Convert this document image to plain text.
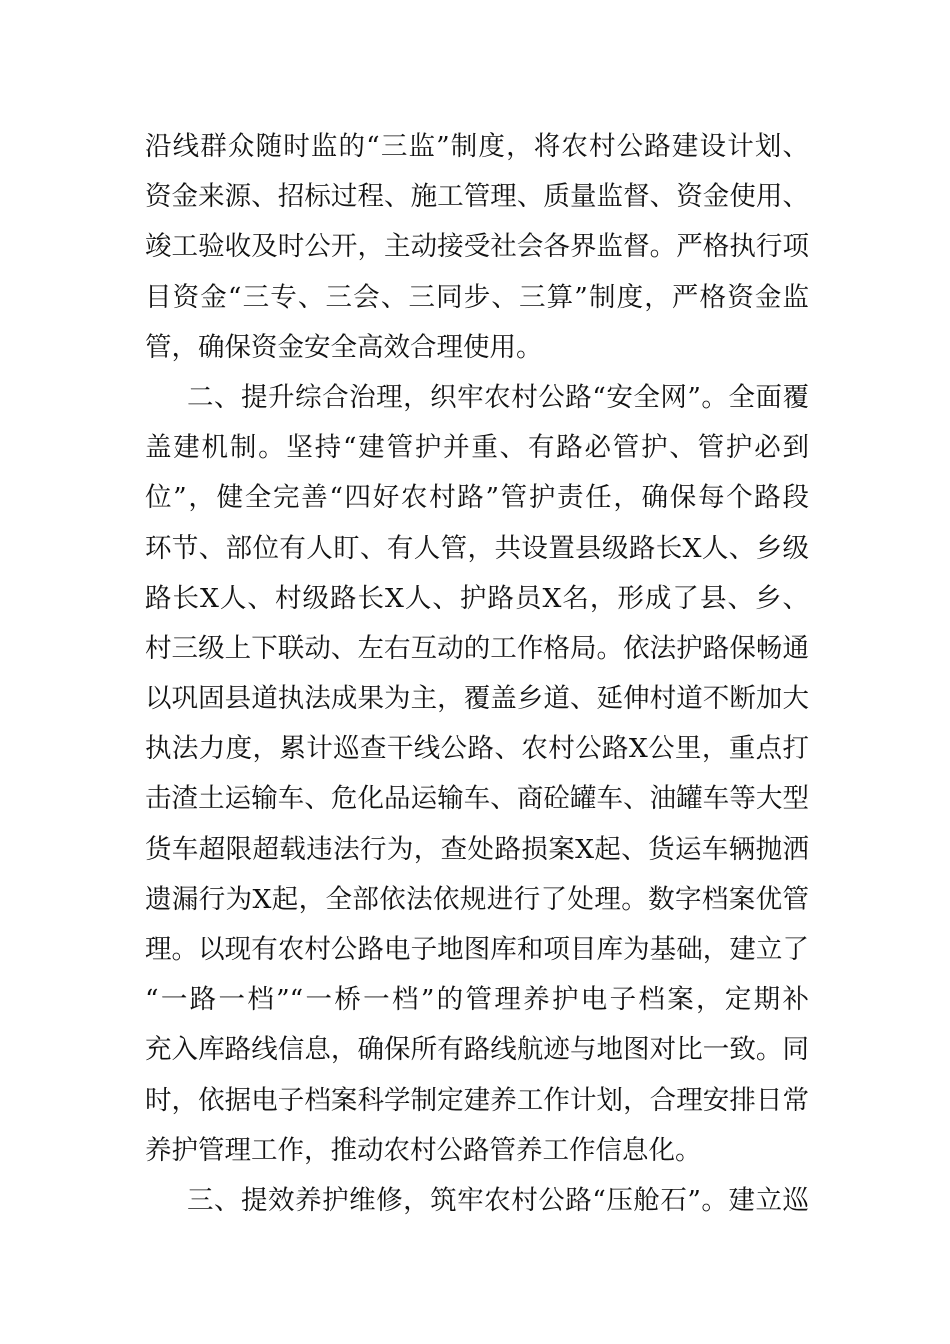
沿线群众随时监的“三监”制度，将农村公路建设计划、
资金来源、招标过程、施工管理、质量监督、资金使用、
竣工验收及时公开，主动接受社会各界监督。严格执行项
目资金“三专、三会、三同步、三算”制度，严格资金监
管，确保资金安全高效合理使用。
二、提升综合治理，织牢农村公路“安全网”。全面覆
盖建机制。坚持“建管护并重、有路必管护、管护必到
位”，健全完善“四好农村路”管护责任，确保每个路段
环节、部位有人盯、有人管，共设置县级路长X人、乡级
路长X人、村级路长X人、护路员X名，形成了县、乡、
村三级上下联动、左右互动的工作格局。依法护路保畅通
以巩固县道执法成果为主，覆盖乡道、延伸村道不断加大
执法力度，累计巡查干线公路、农村公路X公里，重点打
击渣土运输车、危化品运输车、商砼罐车、油罐车等大型
货车超限超载违法行为，查处路损案X起、货运车辆抛洒
遗漏行为X起，全部依法依规进行了处理。数字档案优管
理。以现有农村公路电子地图库和项目库为基础，建立了
“一路一档”“一桥一档”的管理养护电子档案，定期补
充入库路线信息，确保所有路线航迹与地图对比一致。同
时，依据电子档案科学制定建养工作计划，合理安排日常
养护管理工作，推动农村公路管养工作信息化。
三、提效养护维修，筑牢农村公路“压舱石”。建立巡
